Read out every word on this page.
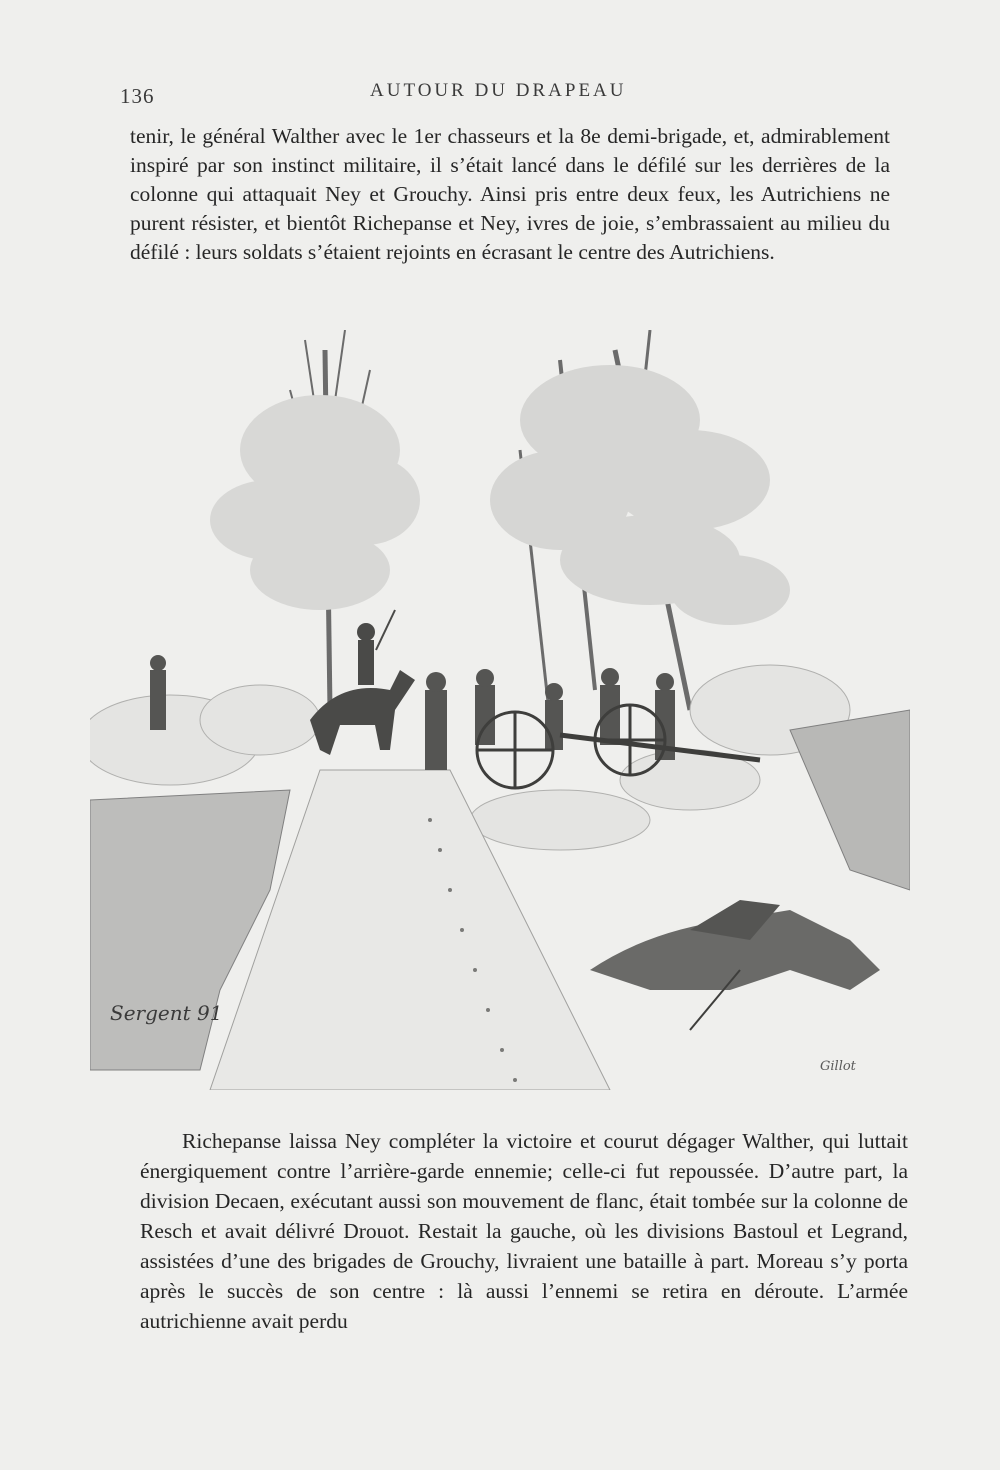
136	AUTOUR DU DRAPEAU

tenir, le général Walther avec le 1er chasseurs et la 8e demi-brigade, et, admirablement inspiré par son instinct militaire, il s’était lancé dans le défilé sur les derrières de la colonne qui attaquait Ney et Grouchy. Ainsi pris entre deux feux, les Autrichiens ne purent résister, et bientôt Richepanse et Ney, ivres de joie, s’embrassaient au milieu du défilé : leurs soldats s’étaient rejoints en écrasant le centre des Autrichiens.

Sergent 91
Gillot

Richepanse laissa Ney compléter la victoire et courut dégager Walther, qui luttait énergiquement contre l’arrière-garde ennemie; celle-ci fut repoussée. D’autre part, la division Decaen, exécutant aussi son mouvement de flanc, était tombée sur la colonne de Resch et avait délivré Drouot. Restait la gauche, où les divisions Bastoul et Legrand, assistées d’une des brigades de Grouchy, livraient une bataille à part. Moreau s’y porta après le succès de son centre : là aussi l’ennemi se retira en déroute. L’armée autrichienne avait perdu
